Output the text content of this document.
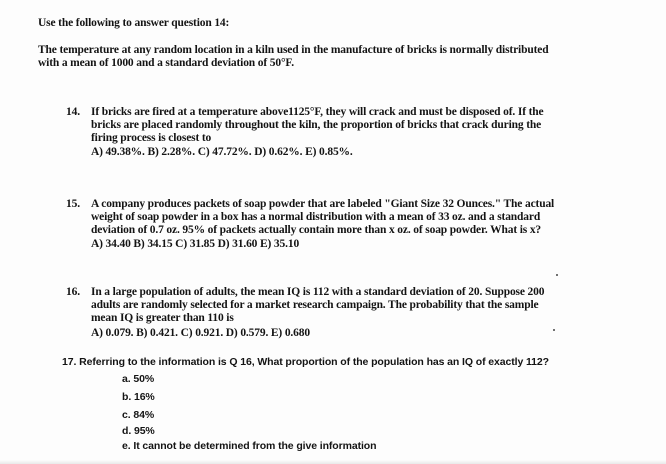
Use the following to answer question 14:
The temperature at any random location in a kiln used in the manufacture of bricks is normally distributed
with a mean of 1000 and a standard deviation of 50°F.
14. If bricks are fired at a temperature above1125°F, they will crack and must be disposed of. If the
bricks are placed randomly throughout the kiln, the proportion of bricks that crack during the
firing process is closest to
A) 49.38%. B) 2.28%. C) 47.72%. D) 0.62%. E) 0.85%.
15. A company produces packets of soap powder that are labeled "Giant Size 32 Ounces." The actual
weight of soap powder in a box has a normal distribution with a mean of 33 oz. and a standard
deviation of 0.7 oz. 95% of packets actually contain more than x oz. of soap powder. What is x?
A) 34.40 B) 34.15 C) 31.85 D) 31.60 E) 35.10
16. In a large population of adults, the mean IQ is 112 with a standard deviation of 20. Suppose 200
adults are randomly selected for a market research campaign. The probability that the sample
mean IQ is greater than 110 is
A) 0.079. B) 0.421. C) 0.921. D) 0.579. E) 0.680
17. Referring to the information is Q 16, What proportion of the population has an IQ of exactly 112?
a. 50%
b. 16%
c. 84%
d. 95%
e. It cannot be determined from the give information
